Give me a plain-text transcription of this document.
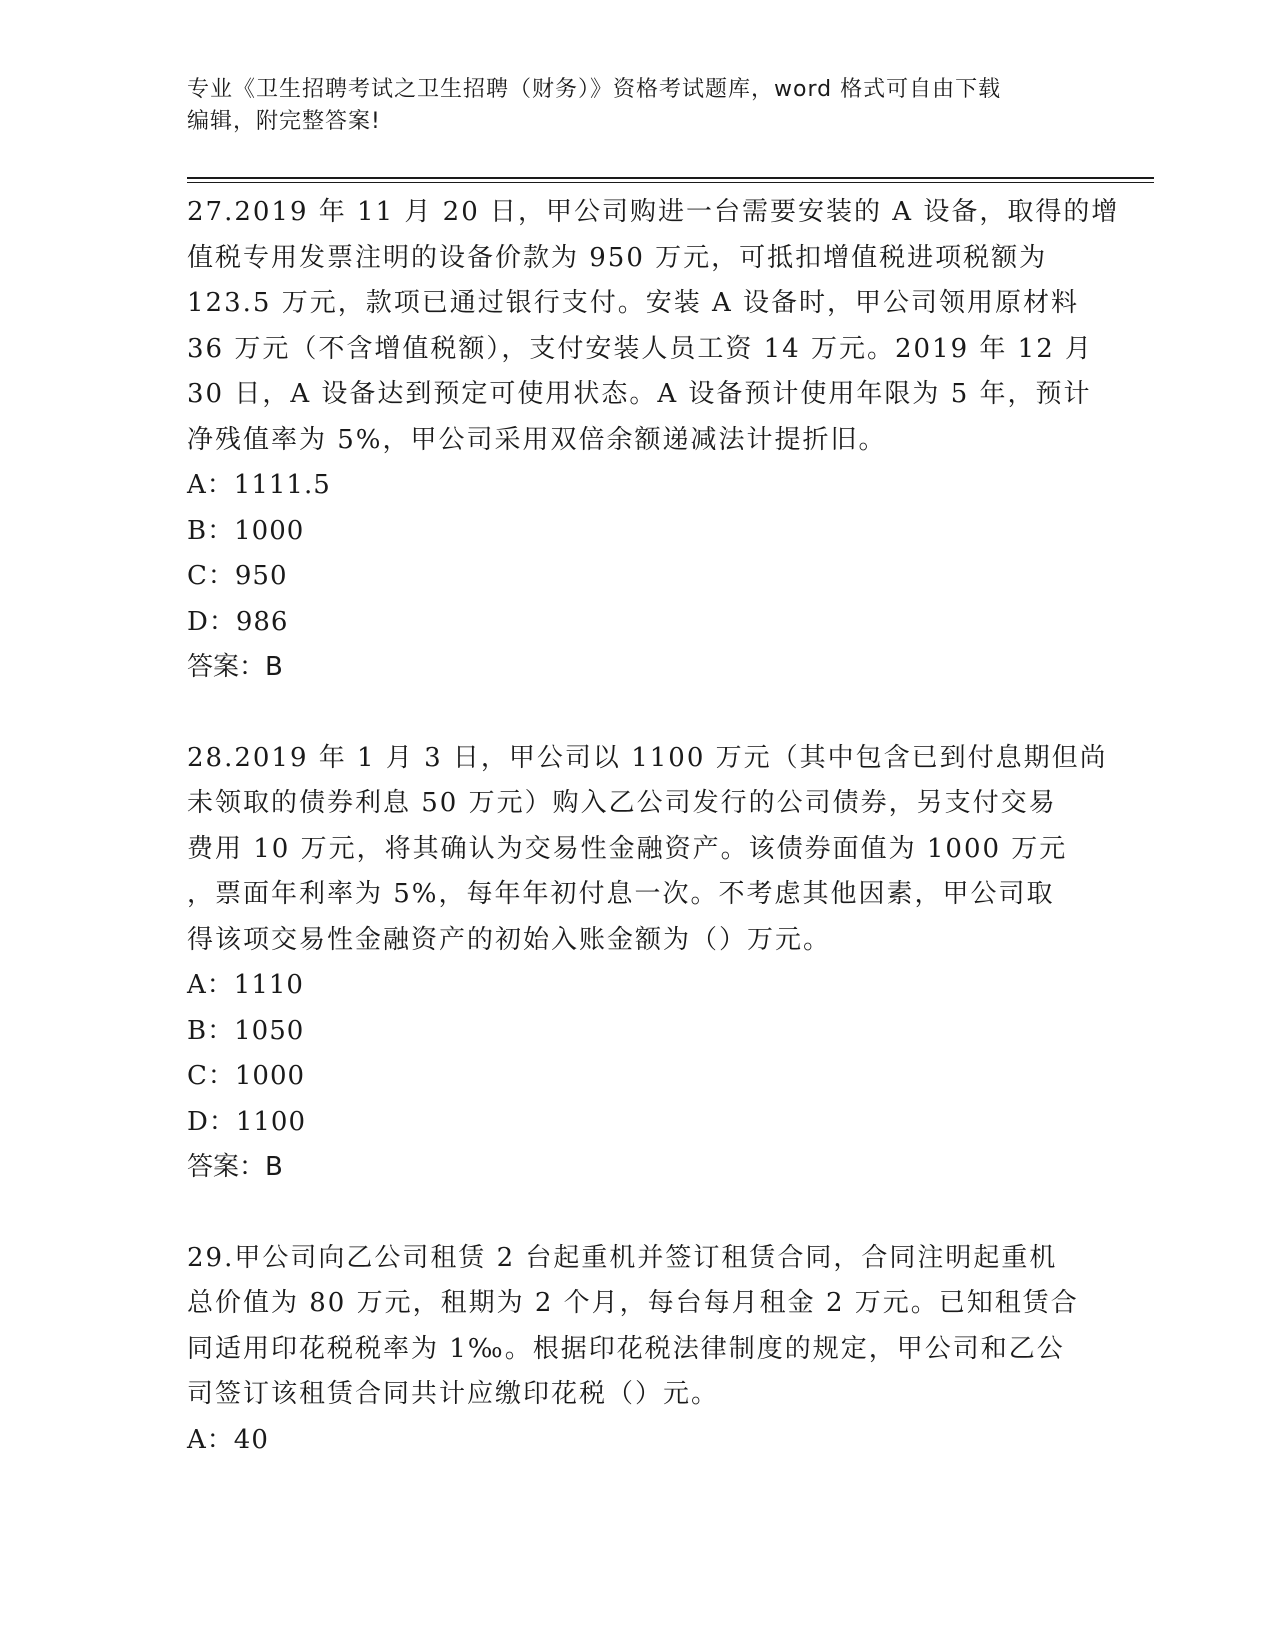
专业《卫生招聘考试之卫生招聘（财务）》资格考试题库，word 格式可自由下载
编辑，附完整答案!

27.2019 年 11 月 20 日，甲公司购进一台需要安装的 A 设备，取得的增
值税专用发票注明的设备价款为 950 万元，可抵扣增值税进项税额为
123.5 万元，款项已通过银行支付。安装 A 设备时，甲公司领用原材料
36 万元（不含增值税额），支付安装人员工资 14 万元。2019 年 12 月
30 日，A 设备达到预定可使用状态。A 设备预计使用年限为 5 年，预计
净残值率为 5%，甲公司采用双倍余额递减法计提折旧。

A：1111.5

B：1000

C：950

D：986

答案：B

28.2019 年 1 月 3 日，甲公司以 1100 万元（其中包含已到付息期但尚
未领取的债券利息 50 万元）购入乙公司发行的公司债券，另支付交易
费用 10 万元，将其确认为交易性金融资产。该债券面值为 1000 万元
，票面年利率为 5%，每年年初付息一次。不考虑其他因素，甲公司取
得该项交易性金融资产的初始入账金额为（）万元。

A：1110

B：1050

C：1000

D：1100

答案：B

29.甲公司向乙公司租赁 2 台起重机并签订租赁合同，合同注明起重机
总价值为 80 万元，租期为 2 个月，每台每月租金 2 万元。已知租赁合
同适用印花税税率为 1‰。根据印花税法律制度的规定，甲公司和乙公
司签订该租赁合同共计应缴印花税（）元。

A：40
